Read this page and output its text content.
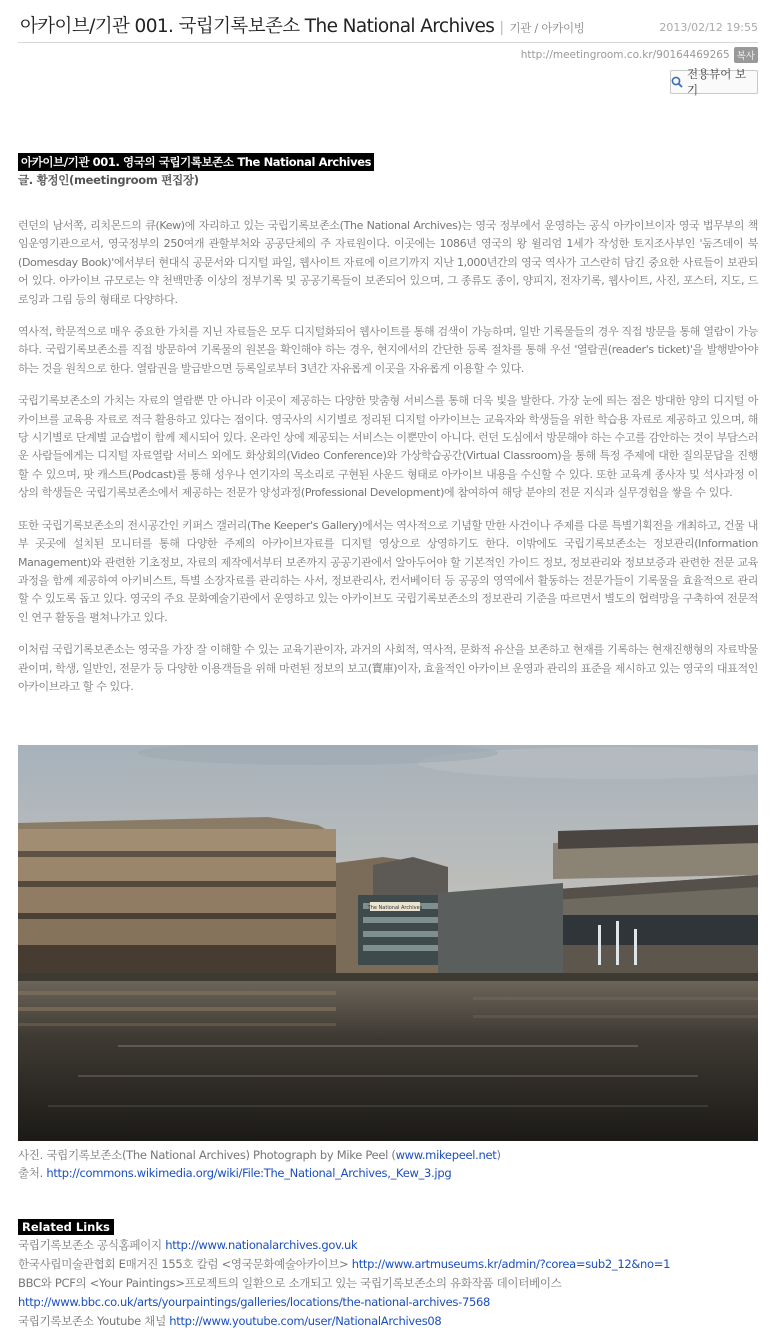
아카이브/기관 001. 국립기록보존소 The National Archives | 기관 / 아카이빙	2013/02/12 19:55
http://meetingroom.co.kr/90164469265 복사
전용뷰어 보기
아카이브/기관 001. 영국의 국립기록보존소 The National Archives
글. 황정인(meetingroom 편집장)

런던의 남서쪽, 리치몬드의 큐(Kew)에 자리하고 있는 국립기록보존소(The National Archives)는 영국 정부에서 운영하는 공식 아카이브이자 영국 법무부의 책임운영기관으로서, 영국정부의 250여개 관할부처와 공공단체의 주 자료원이다. 이곳에는 1086년 영국의 왕 윌리엄 1세가 작성한 토지조사부인 '둠즈데이 북(Domesday Book)'에서부터 현대식 공문서와 디지털 파일, 웹사이트 자료에 이르기까지 지난 1,000년간의 영국 역사가 고스란히 담긴 중요한 사료들이 보관되어 있다. 아카이브 규모로는 약 천백만종 이상의 정부기록 및 공공기록들이 보존되어 있으며, 그 종류도 종이, 양피지, 전자기록, 웹사이트, 사진, 포스터, 지도, 드로잉과 그림 등의 형태로 다양하다.

역사적, 학문적으로 매우 중요한 가치를 지닌 자료들은 모두 디지털화되어 웹사이트를 통해 검색이 가능하며, 일반 기록물들의 경우 직접 방문을 통해 열람이 가능하다. 국립기록보존소를 직접 방문하여 기록물의 원본을 확인해야 하는 경우, 현지에서의 간단한 등록 절차를 통해 우선 '열람권(reader's ticket)'을 발행받아야 하는 것을 원칙으로 한다. 열람권을 발급받으면 등록일로부터 3년간 자유롭게 이곳을 자유롭게 이용할 수 있다.

국립기록보존소의 가치는 자료의 열람뿐 만 아니라 이곳이 제공하는 다양한 맞춤형 서비스를 통해 더욱 빛을 발한다. 가장 눈에 띄는 점은 방대한 양의 디지털 아카이브를 교육용 자료로 적극 활용하고 있다는 점이다. 영국사의 시기별로 정리된 디지털 아카이브는 교육자와 학생들을 위한 학습용 자료로 제공하고 있으며, 해당 시기별로 단계별 교습법이 함께 제시되어 있다. 온라인 상에 제공되는 서비스는 이뿐만이 아니다. 런던 도심에서 방문해야 하는 수고를 감안하는 것이 부담스러운 사람들에게는 디지털 자료열람 서비스 외에도 화상회의(Video Conference)와 가상학습공간(Virtual Classroom)을 통해 특정 주제에 대한 질의문답을 진행할 수 있으며, 팟 캐스트(Podcast)를 통해 성우나 연기자의 목소리로 구현된 사운드 형태로 아카이브 내용을 수신할 수 있다. 또한 교육계 종사자 및 석사과정 이상의 학생들은 국립기록보존소에서 제공하는 전문가 양성과정(Professional Development)에 참여하여 해당 분야의 전문 지식과 실무경험을 쌓을 수 있다.

또한 국립기록보존소의 전시공간인 키퍼스 갤러리(The Keeper's Gallery)에서는 역사적으로 기념할 만한 사건이나 주제를 다룬 특별기획전을 개최하고, 건물 내부 곳곳에 설치된 모니터를 통해 다양한 주제의 아카이브자료를 디지털 영상으로 상영하기도 한다. 이밖에도 국립기록보존소는 정보관리(Information Management)와 관련한 기초정보, 자료의 제작에서부터 보존까지 공공기관에서 알아두어야 할 기본적인 가이드 정보, 정보관리와 정보보증과 관련한 전문 교육과정을 함께 제공하여 아키비스트, 특별 소장자료를 관리하는 사서, 정보관리사, 컨서베이터 등 공공의 영역에서 활동하는 전문가들이 기록물을 효율적으로 관리할 수 있도록 돕고 있다. 영국의 주요 문화예술기관에서 운영하고 있는 아카이브도 국립기록보존소의 정보관리 기준을 따르면서 별도의 협력망을 구축하여 전문적인 연구 활동을 펼쳐나가고 있다.

이처럼 국립기록보존소는 영국을 가장 잘 이해할 수 있는 교육기관이자, 과거의 사회적, 역사적, 문화적 유산을 보존하고 현재를 기록하는 현재진행형의 자료박물관이며, 학생, 일반인, 전문가 등 다양한 이용객들을 위해 마련된 정보의 보고(寶庫)이자, 효율적인 아카이브 운영과 관리의 표준을 제시하고 있는 영국의 대표적인 아카이브라고 할 수 있다.

The National Archives
사진. 국립기록보존소(The National Archives) Photograph by Mike Peel (www.mikepeel.net)
출처. http://commons.wikimedia.org/wiki/File:The_National_Archives,_Kew_3.jpg
Related Links
국립기록보존소 공식홈페이지 http://www.nationalarchives.gov.uk
한국사립미술관협회 E매거진 155호 칼럼 <영국문화예술아카이브> http://www.artmuseums.kr/admin/?corea=sub2_12&no=1
BBC와 PCF의 <Your Paintings>프로젝트의 일환으로 소개되고 있는 국립기록보존소의 유화작품 데이터베이스
http://www.bbc.co.uk/arts/yourpaintings/galleries/locations/the-national-archives-7568
국립기록보존소 Youtube 채널 http://www.youtube.com/user/NationalArchives08
